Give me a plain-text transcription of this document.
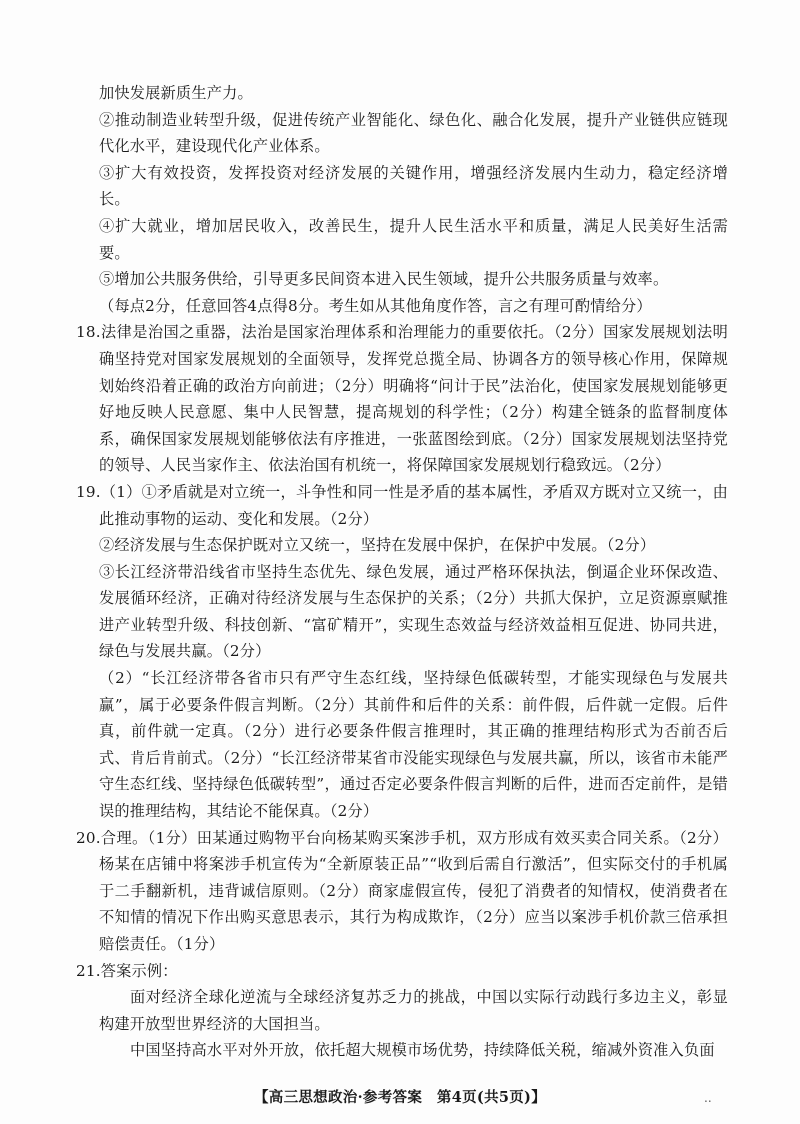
加快发展新质生产力。

②推动制造业转型升级，促进传统产业智能化、绿色化、融合化发展，提升产业链供应链现代化水平，建设现代化产业体系。

③扩大有效投资，发挥投资对经济发展的关键作用，增强经济发展内生动力，稳定经济增长。

④扩大就业，增加居民收入，改善民生，提升人民生活水平和质量，满足人民美好生活需要。

⑤增加公共服务供给，引导更多民间资本进入民生领域，提升公共服务质量与效率。

（每点2分，任意回答4点得8分。考生如从其他角度作答，言之有理可酌情给分）

18.法律是治国之重器，法治是国家治理体系和治理能力的重要依托。（2分）国家发展规划法明确坚持党对国家发展规划的全面领导，发挥党总揽全局、协调各方的领导核心作用，保障规划始终沿着正确的政治方向前进；（2分）明确将“问计于民”法治化，使国家发展规划能够更好地反映人民意愿、集中人民智慧，提高规划的科学性；（2分）构建全链条的监督制度体系，确保国家发展规划能够依法有序推进，一张蓝图绘到底。（2分）国家发展规划法坚持党的领导、人民当家作主、依法治国有机统一，将保障国家发展规划行稳致远。（2分）

19.（1）①矛盾就是对立统一，斗争性和同一性是矛盾的基本属性，矛盾双方既对立又统一，由此推动事物的运动、变化和发展。（2分）

②经济发展与生态保护既对立又统一，坚持在发展中保护，在保护中发展。（2分）

③长江经济带沿线省市坚持生态优先、绿色发展，通过严格环保执法，倒逼企业环保改造、发展循环经济，正确对待经济发展与生态保护的关系；（2分）共抓大保护，立足资源禀赋推进产业转型升级、科技创新、“富矿精开”，实现生态效益与经济效益相互促进、协同共进，绿色与发展共赢。（2分）

（2）“长江经济带各省市只有严守生态红线，坚持绿色低碳转型，才能实现绿色与发展共赢”，属于必要条件假言判断。（2分）其前件和后件的关系：前件假，后件就一定假。后件真，前件就一定真。（2分）进行必要条件假言推理时，其正确的推理结构形式为否前否后式、肯后肯前式。（2分）“长江经济带某省市没能实现绿色与发展共赢，所以，该省市未能严守生态红线、坚持绿色低碳转型”，通过否定必要条件假言判断的后件，进而否定前件，是错误的推理结构，其结论不能保真。（2分）

20.合理。（1分）田某通过购物平台向杨某购买案涉手机，双方形成有效买卖合同关系。（2分）杨某在店铺中将案涉手机宣传为“全新原装正品”“收到后需自行激活”，但实际交付的手机属于二手翻新机，违背诚信原则。（2分）商家虚假宣传，侵犯了消费者的知情权，使消费者在不知情的情况下作出购买意思表示，其行为构成欺诈，（2分）应当以案涉手机价款三倍承担赔偿责任。（1分）

21.答案示例：

面对经济全球化逆流与全球经济复苏乏力的挑战，中国以实际行动践行多边主义，彰显构建开放型世界经济的大国担当。

中国坚持高水平对外开放，依托超大规模市场优势，持续降低关税，缩减外资准入负面

【高三思想政治·参考答案　第4页(共5页)】	..
